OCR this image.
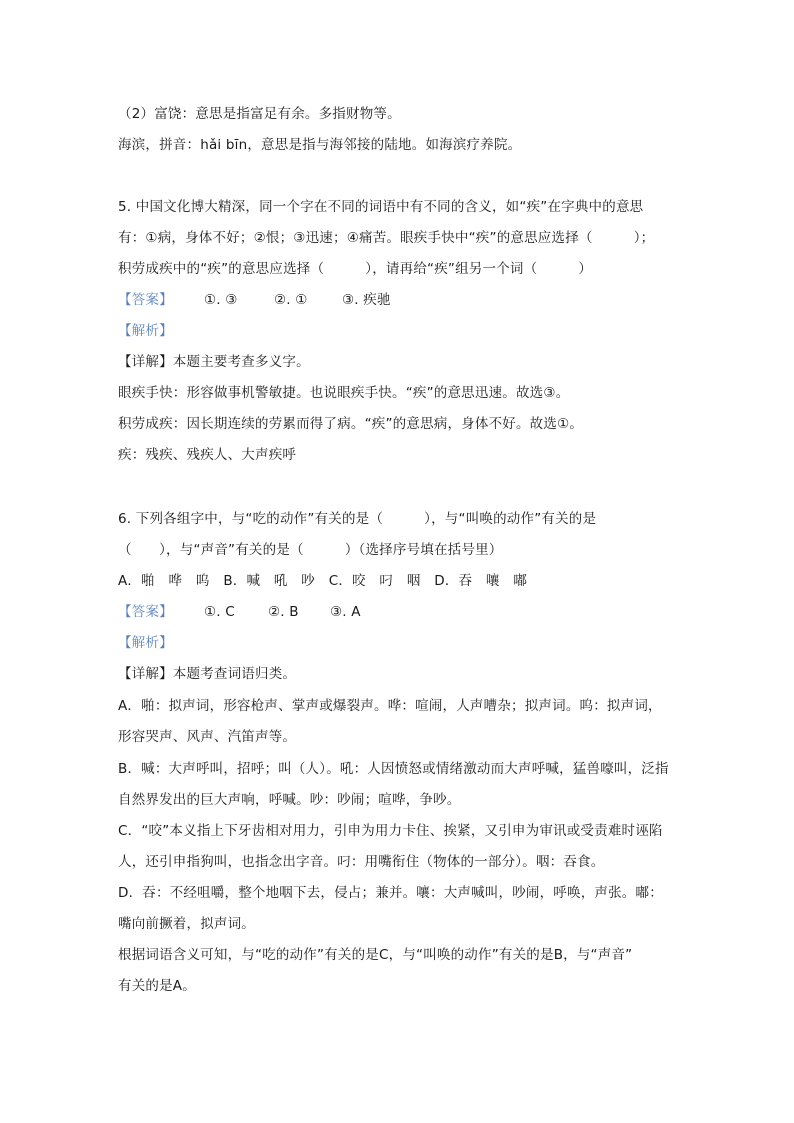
（2）富饶：意思是指富足有余。多指财物等。

海滨，拼音：hǎi bīn，意思是指与海邻接的陆地。如海滨疗养院。

5. 中国文化博大精深，同一个字在不同的词语中有不同的含义，如“疾”在字典中的意思

有：①病，身体不好；②恨；③迅速；④痛苦。眼疾手快中“疾”的意思应选择（　　　）；

积劳成疾中的“疾”的意思应选择（　　　），请再给“疾”组另一个词（　　　）

【答案】 ①. ③	②. ①	③. 疾驰

【解析】

【详解】本题主要考查多义字。

眼疾手快：形容做事机警敏捷。也说眼疾手快。“疾”的意思迅速。故选③。

积劳成疾：因长期连续的劳累而得了病。“疾”的意思病，身体不好。故选①。

疾：残疾、残疾人、大声疾呼

6. 下列各组字中，与“吃的动作”有关的是（　　　），与“叫唤的动作”有关的是

（　　），与“声音”有关的是（　　　）（选择序号填在括号里）

A．啪　哗　呜　B．喊　吼　吵　C．咬　叼　咽　D．吞　嚷　嘟

【答案】 ①. C ②. B ③. A

【解析】

【详解】本题考查词语归类。

A．啪：拟声词，形容枪声、掌声或爆裂声。哗：喧闹，人声嘈杂；拟声词。呜：拟声词，

形容哭声、风声、汽笛声等。

B．喊：大声呼叫，招呼；叫（人）。吼：人因愤怒或情绪激动而大声呼喊，猛兽嚎叫，泛指

自然界发出的巨大声响，呼喊。吵：吵闹；喧哗，争吵。

C．“咬”本义指上下牙齿相对用力，引申为用力卡住、挨紧，又引申为审讯或受责难时诬陷

人，还引申指狗叫，也指念出字音。叼：用嘴衔住（物体的一部分）。咽：吞食。

D．吞：不经咀嚼，整个地咽下去，侵占；兼并。嚷：大声喊叫，吵闹，呼唤，声张。嘟：

嘴向前撅着，拟声词。

根据词语含义可知，与“吃的动作”有关的是C，与“叫唤的动作”有关的是B，与“声音”

有关的是A。
